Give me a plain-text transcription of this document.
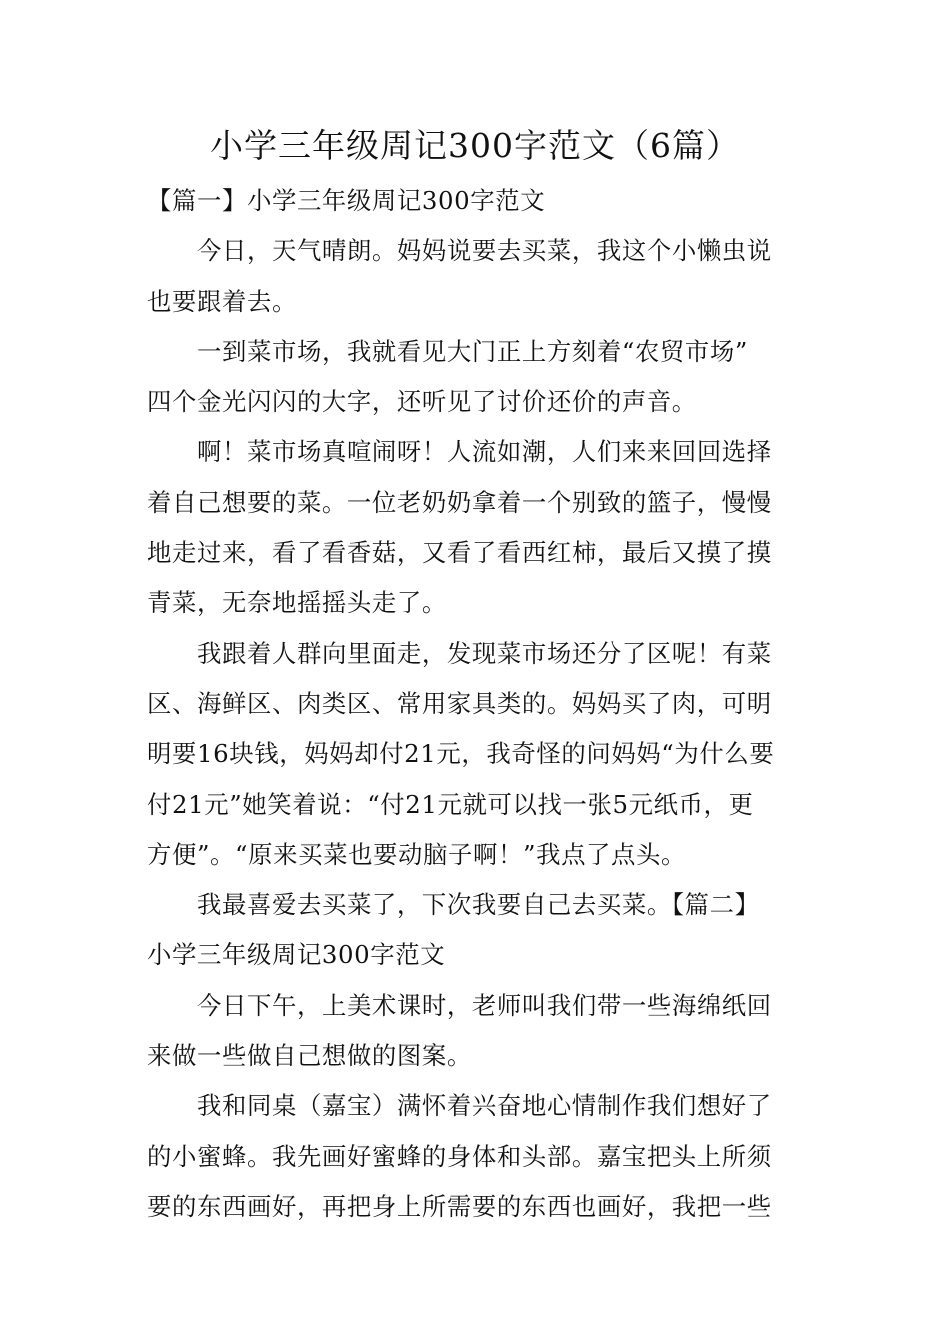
小学三年级周记300字范文（6篇）
【篇一】小学三年级周记300字范文
今日，天气晴朗。妈妈说要去买菜，我这个小懒虫说
也要跟着去。
一到菜市场，我就看见大门正上方刻着“农贸市场”
四个金光闪闪的大字，还听见了讨价还价的声音。
啊！菜市场真喧闹呀！人流如潮，人们来来回回选择
着自己想要的菜。一位老奶奶拿着一个别致的篮子，慢慢
地走过来，看了看香菇，又看了看西红柿，最后又摸了摸
青菜，无奈地摇摇头走了。
我跟着人群向里面走，发现菜市场还分了区呢！有菜
区、海鲜区、肉类区、常用家具类的。妈妈买了肉，可明
明要16块钱，妈妈却付21元，我奇怪的问妈妈“为什么要
付21元”她笑着说：“付21元就可以找一张5元纸币，更
方便”。“原来买菜也要动脑子啊！”我点了点头。
我最喜爱去买菜了，下次我要自己去买菜。【篇二】
小学三年级周记300字范文
今日下午，上美术课时，老师叫我们带一些海绵纸回
来做一些做自己想做的图案。
我和同桌（嘉宝）满怀着兴奋地心情制作我们想好了
的小蜜蜂。我先画好蜜蜂的身体和头部。嘉宝把头上所须
要的东西画好，再把身上所需要的东西也画好，我把一些
